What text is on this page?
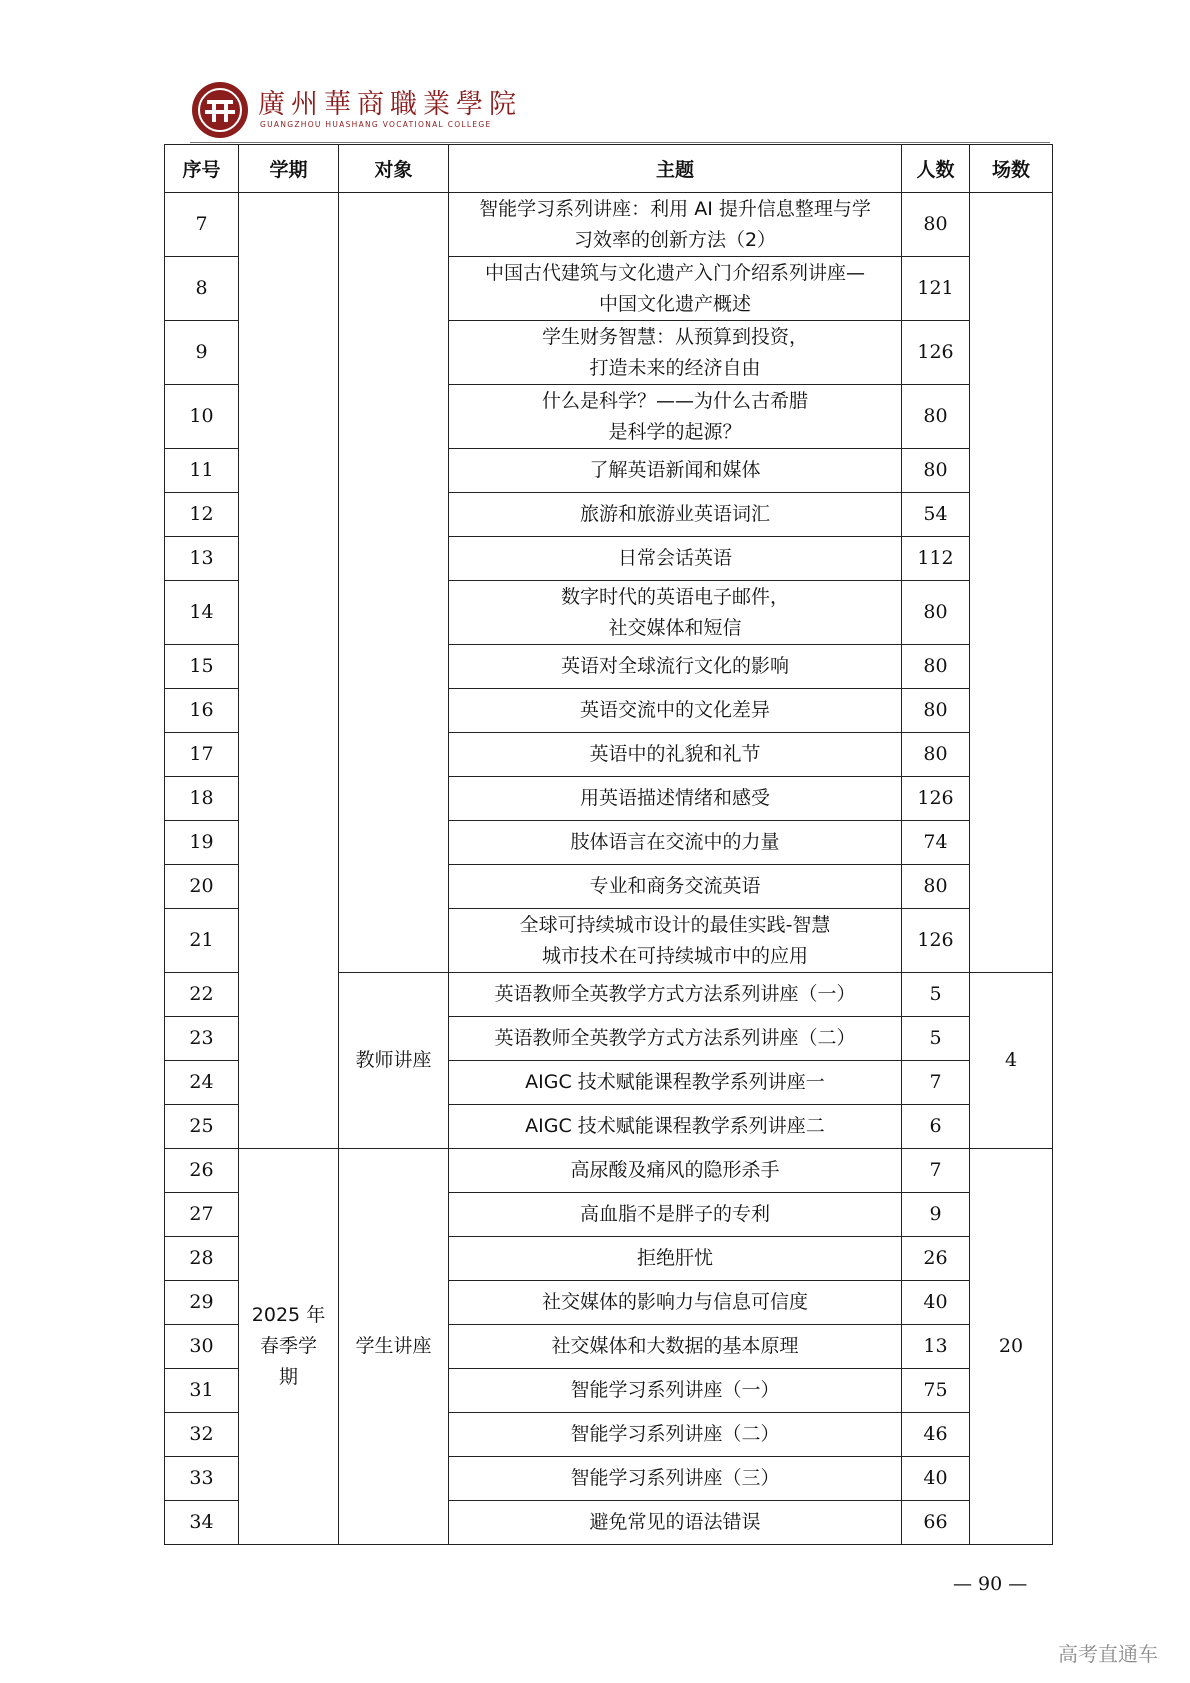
廣州華商職業學院
GUANGZHOU HUASHANG VOCATIONAL COLLEGE
序号	学期	对象	主题	人数	场数
7			智能学习系列讲座：利用 AI 提升信息整理与学
习效率的创新方法（2）	80	
8			中国古代建筑与文化遗产入门介绍系列讲座—
中国文化遗产概述	121	
9			学生财务智慧：从预算到投资，
打造未来的经济自由	126	
10			什么是科学？——为什么古希腊
是科学的起源？	80	
11			了解英语新闻和媒体	80	
12			旅游和旅游业英语词汇	54	
13			日常会话英语	112	
14			数字时代的英语电子邮件，
社交媒体和短信	80	
15			英语对全球流行文化的影响	80	
16			英语交流中的文化差异	80	
17			英语中的礼貌和礼节	80	
18			用英语描述情绪和感受	126	
19			肢体语言在交流中的力量	74	
20			专业和商务交流英语	80	
21			全球可持续城市设计的最佳实践-智慧
城市技术在可持续城市中的应用	126	
22		教师讲座	英语教师全英教学方式方法系列讲座（一）	5	4
23			英语教师全英教学方式方法系列讲座（二）	5	
24			AIGC 技术赋能课程教学系列讲座一	7	
25			AIGC 技术赋能课程教学系列讲座二	6	
26	2025 年
春季学
期	学生讲座	高尿酸及痛风的隐形杀手	7	20
27			高血脂不是胖子的专利	9	
28			拒绝肝忧	26	
29			社交媒体的影响力与信息可信度	40	
30			社交媒体和大数据的基本原理	13	
31			智能学习系列讲座（一）	75	
32			智能学习系列讲座（二）	46	
33			智能学习系列讲座（三）	40	
34			避免常见的语法错误	66	
— 90 —
高考直通车
